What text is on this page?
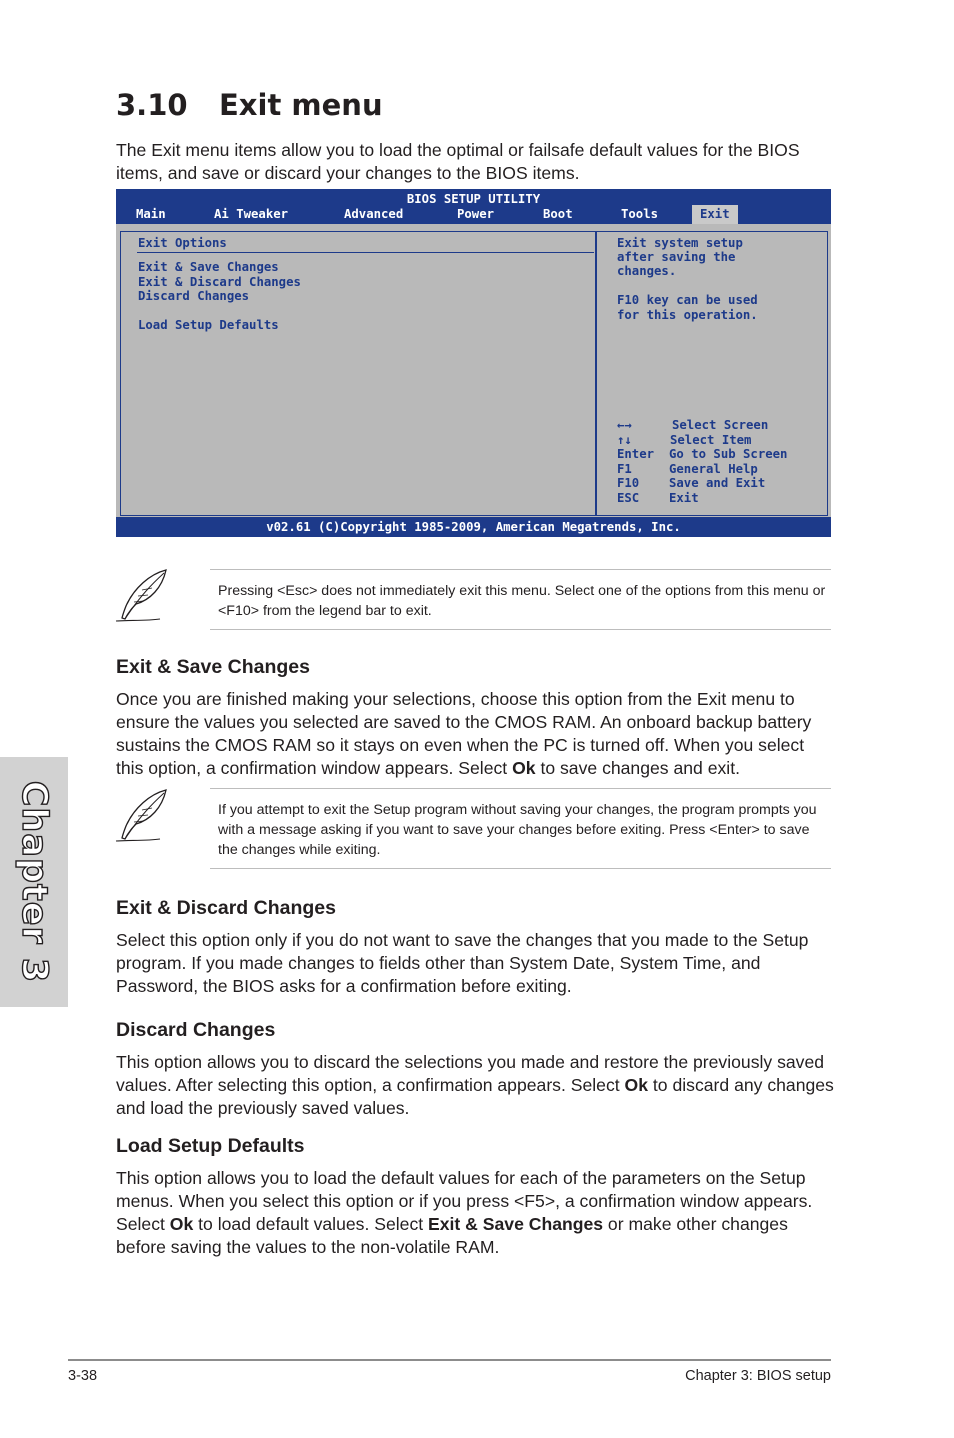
3.10 Exit menu

The Exit menu items allow you to load the optimal or failsafe default values for the BIOS items, and save or discard your changes to the BIOS items.

BIOS SETUP UTILITY
Main	Ai Tweaker	Advanced	Power	Boot	Tools	Exit
Exit Options
Exit & Save Changes
Exit & Discard Changes
Discard Changes
Load Setup Defaults
Exit system setup
after saving the
changes.
F10 key can be used
for this operation.
←→	Select Screen
↑↓	Select Item
Enter Go to Sub Screen
F1	General Help
F10 Save and Exit
ESC Exit
v02.61 (C)Copyright 1985-2009, American Megatrends, Inc.

Pressing <Esc> does not immediately exit this menu. Select one of the options from this menu or <F10> from the legend bar to exit.

Exit & Save Changes

Once you are finished making your selections, choose this option from the Exit menu to ensure the values you selected are saved to the CMOS RAM. An onboard backup battery sustains the CMOS RAM so it stays on even when the PC is turned off. When you select this option, a confirmation window appears. Select Ok to save changes and exit.

If you attempt to exit the Setup program without saving your changes, the program prompts you with a message asking if you want to save your changes before exiting. Press <Enter> to save the changes while exiting.

Exit & Discard Changes

Select this option only if you do not want to save the changes that you made to the Setup program. If you made changes to fields other than System Date, System Time, and Password, the BIOS asks for a confirmation before exiting.

Discard Changes

This option allows you to discard the selections you made and restore the previously saved values. After selecting this option, a confirmation appears. Select Ok to discard any changes and load the previously saved values.

Load Setup Defaults

This option allows you to load the default values for each of the parameters on the Setup menus. When you select this option or if you press <F5>, a confirmation window appears. Select Ok to load default values. Select Exit & Save Changes or make other changes before saving the values to the non-volatile RAM.

Chapter 3
3-38	Chapter 3: BIOS setup
